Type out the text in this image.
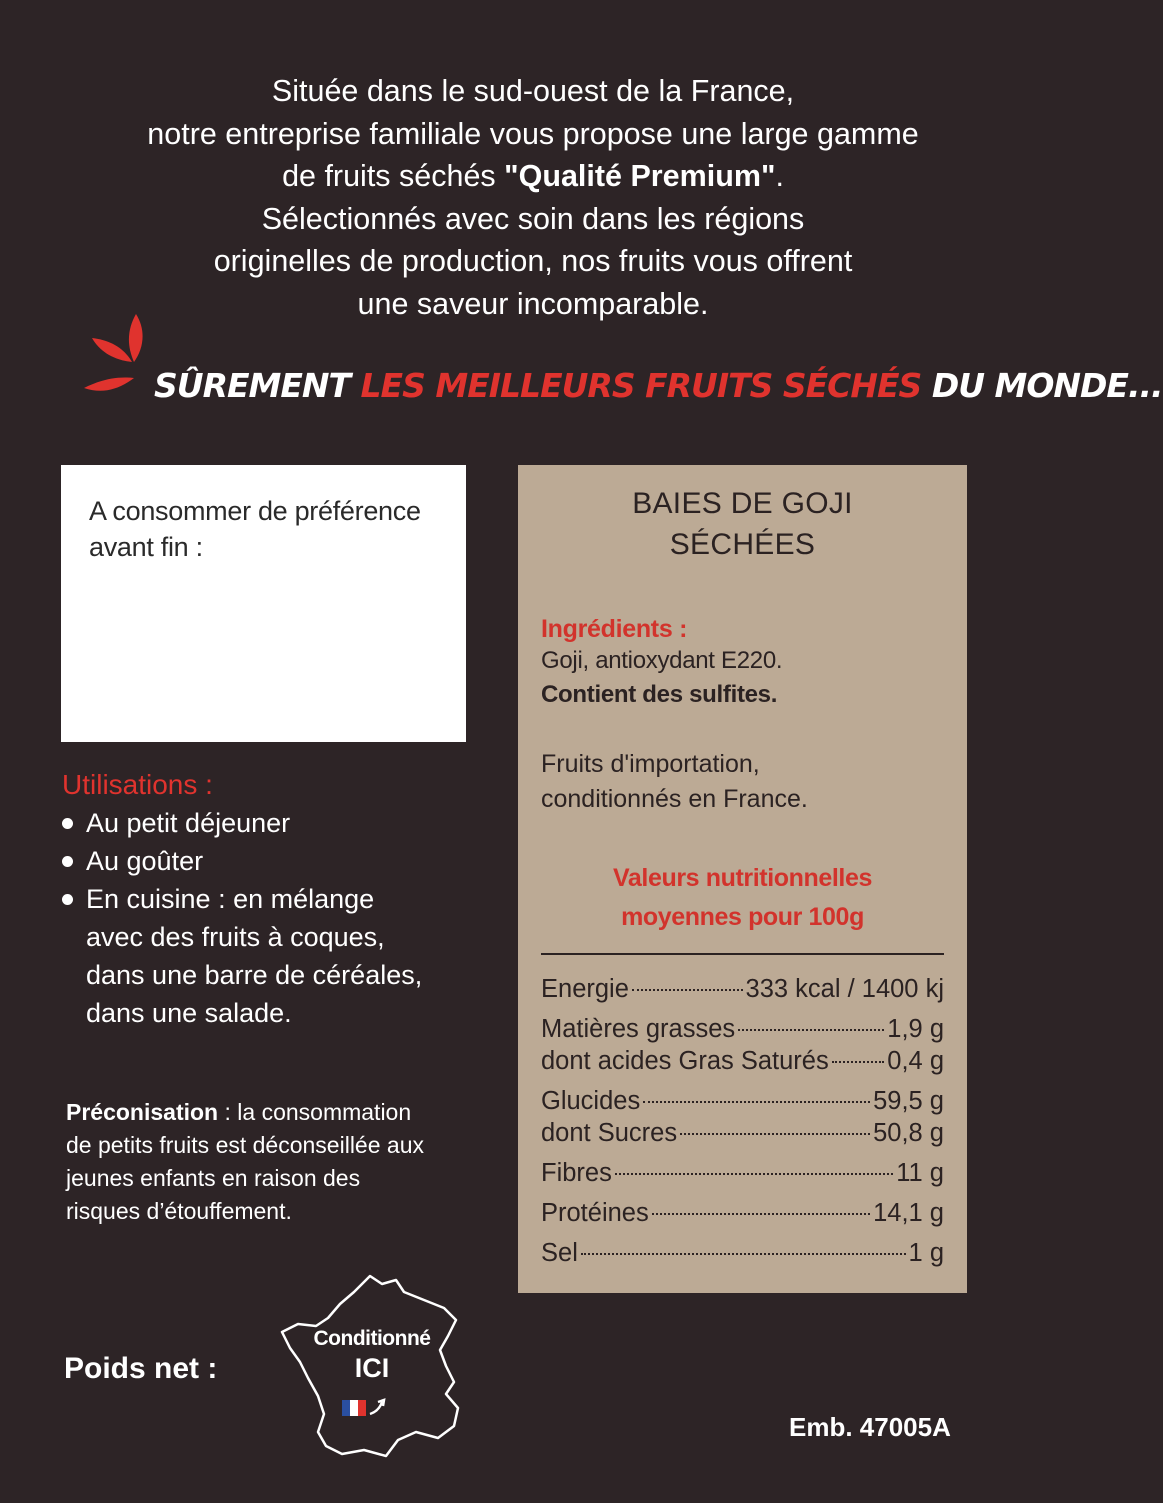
Située dans le sud-ouest de la France,
notre entreprise familiale vous propose une large gamme
de fruits séchés "Qualité Premium".
Sélectionnés avec soin dans les régions
originelles de production, nos fruits vous offrent
une saveur incomparable.
SÛREMENT LES MEILLEURS FRUITS SÉCHÉS DU MONDE...
A consommer de préférence avant fin :
Utilisations :
Au petit déjeuner
Au goûter
En cuisine : en mélange
avec des fruits à coques,
dans une barre de céréales,
dans une salade.
Préconisation : la consommation
de petits fruits est déconseillée aux
jeunes enfants en raison des
risques d’étouffement.
Poids net :
Conditionné
ICI
Emb. 47005A
BAIES DE GOJI
SÉCHÉES
Ingrédients :
Goji, antioxydant E220.
Contient des sulfites.
Fruits d'importation,
conditionnés en France.
Valeurs nutritionnelles
moyennes pour 100g
Energie	333 kcal / 1400 kj
Matières grasses	1,9 g
dont acides Gras Saturés 0,4 g
Glucides	59,5 g
dont Sucres	50,8 g
Fibres	11 g
Protéines	14,1 g
Sel	1 g
